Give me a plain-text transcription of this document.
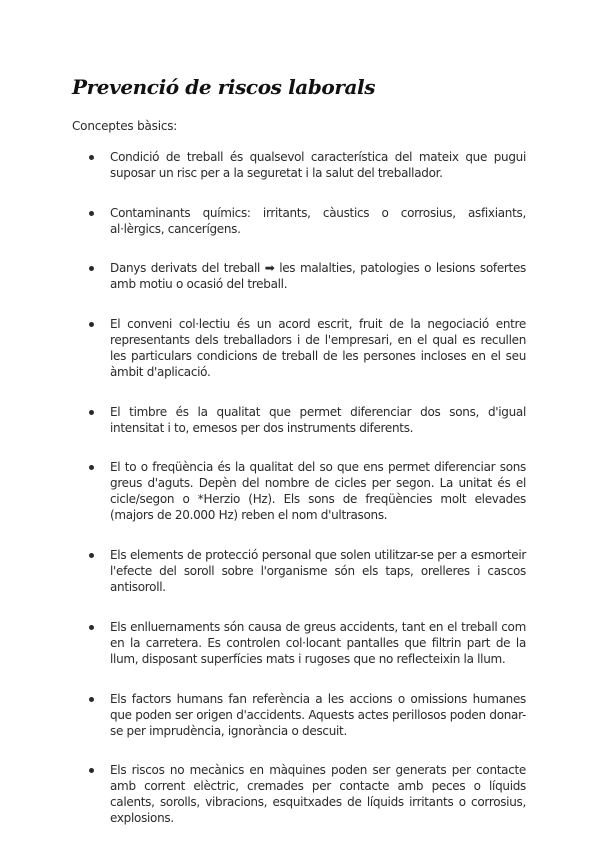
Prevenció de riscos laborals

Conceptes bàsics:

Condició de treball és qualsevol característica del mateix que pugui suposar un risc per a la seguretat i la salut del treballador.
Contaminants químics: irritants, càustics o corrosius, asfixiants, al·lèrgics, cancerígens.
Danys derivats del treball ➡ les malalties, patologies o lesions sofertes amb motiu o ocasió del treball.
El conveni col·lectiu és un acord escrit, fruit de la negociació entre representants dels treballadors i de l'empresari, en el qual es recullen les particulars condicions de treball de les persones incloses en el seu àmbit d'aplicació.
El timbre és la qualitat que permet diferenciar dos sons, d'igual intensitat i to, emesos per dos instruments diferents.
El to o freqüència és la qualitat del so que ens permet diferenciar sons greus d'aguts. Depèn del nombre de cicles per segon. La unitat és el cicle/segon o *Herzio (Hz). Els sons de freqüències molt elevades (majors de 20.000 Hz) reben el nom d'ultrasons.
Els elements de protecció personal que solen utilitzar-se per a esmorteir l'efecte del soroll sobre l'organisme són els taps, orelleres i cascos antisoroll.
Els enlluernaments són causa de greus accidents, tant en el treball com en la carretera. Es controlen col·locant pantalles que filtrin part de la llum, disposant superfícies mats i rugoses que no reflecteixin la llum.
Els factors humans fan referència a les accions o omissions humanes que poden ser origen d'accidents. Aquests actes perillosos poden donar-se per imprudència, ignorància o descuit.
Els riscos no mecànics en màquines poden ser generats per contacte amb corrent elèctric, cremades per contacte amb peces o líquids calents, sorolls, vibracions, esquitxades de líquids irritants o corrosius, explosions.
